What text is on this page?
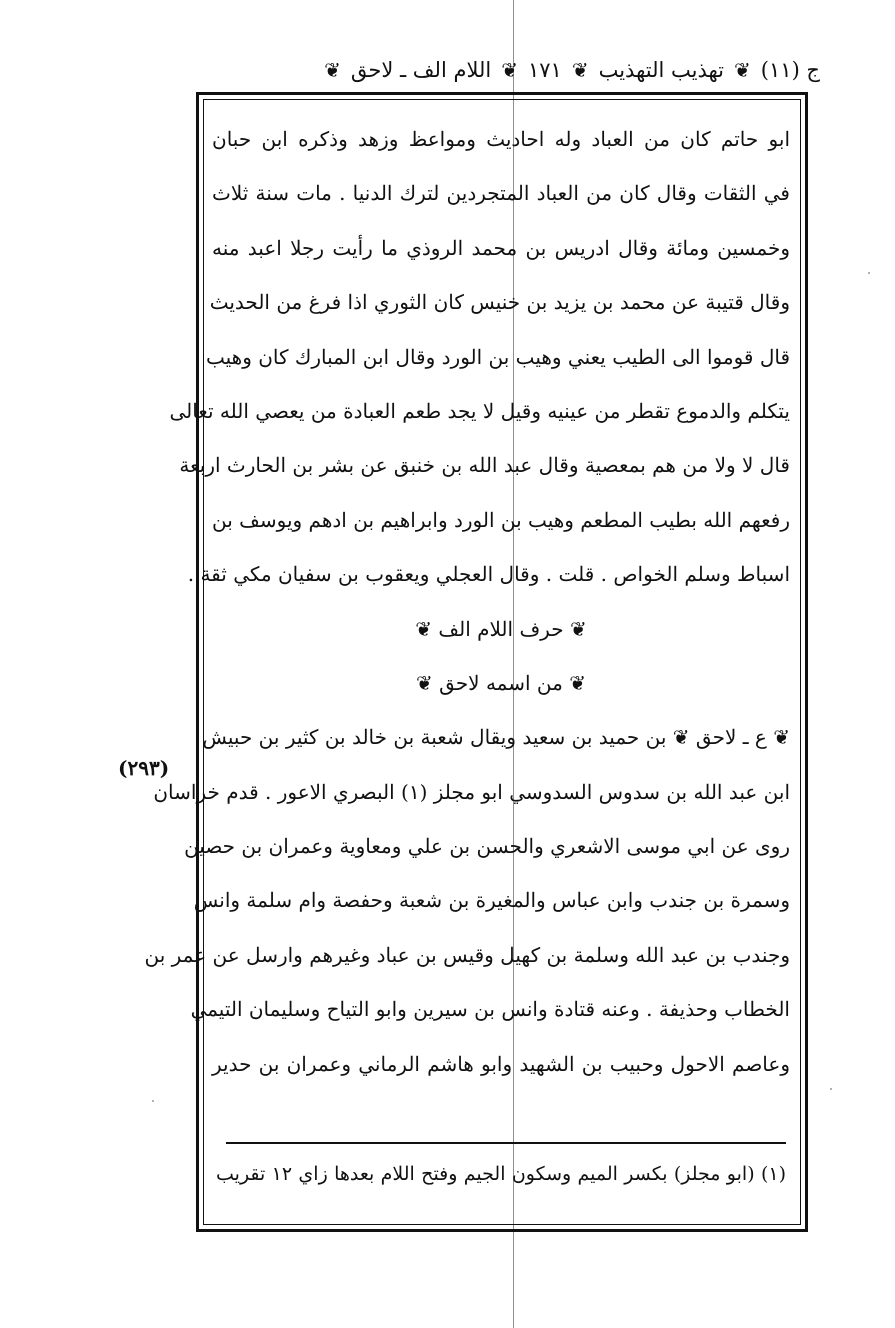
ج (١١)
❦
تهذيب التهذيب
❦
١٧١
❦
اللام الف ـ لاحق
❦
ابو حاتم كان من العباد وله احاديث ومواعظ وزهد وذكره ابن حبان
في الثقات وقال كان من العباد المتجردين لترك الدنيا . مات سنة ثلاث
وخمسين ومائة وقال ادريس بن محمد الروذي ما رأيت رجلا اعبد منه
وقال قتيبة عن محمد بن يزيد بن خنيس كان الثوري اذا فرغ من الحديث
قال قوموا الى الطيب يعني وهيب بن الورد وقال ابن المبارك كان وهيب
يتكلم والدموع تقطر من عينيه وقيل لا يجد طعم العبادة من يعصي الله تعالى
قال لا ولا من هم بمعصية وقال عبد الله بن خنبق عن بشر بن الحارث اربعة
رفعهم الله بطيب المطعم وهيب بن الورد وابراهيم بن ادهم ويوسف بن
اسباط وسلم الخواص . قلت . وقال العجلي ويعقوب بن سفيان مكي ثقة .
❦ حرف اللام الف ❦
❦ من اسمه لاحق ❦
❦ ع ـ لاحق ❦ بن حميد بن سعيد ويقال شعبة بن خالد بن كثير بن حبيش
ابن عبد الله بن سدوس السدوسي ابو مجلز (١) البصري الاعور . قدم خراسان
روى عن ابي موسى الاشعري والحسن بن علي ومعاوية وعمران بن حصين
وسمرة بن جندب وابن عباس والمغيرة بن شعبة وحفصة وام سلمة وانس
وجندب بن عبد الله وسلمة بن كهيل وقيس بن عباد وغيرهم وارسل عن عمر بن
الخطاب وحذيفة . وعنه قتادة وانس بن سيرين وابو التياح وسليمان التيمي
وعاصم الاحول وحبيب بن الشهيد وابو هاشم الرماني وعمران بن حدير
(٢٩٣)
(١) (ابو مجلز) بكسر الميم وسكون الجيم وفتح اللام بعدها زاي ١٢ تقريب
